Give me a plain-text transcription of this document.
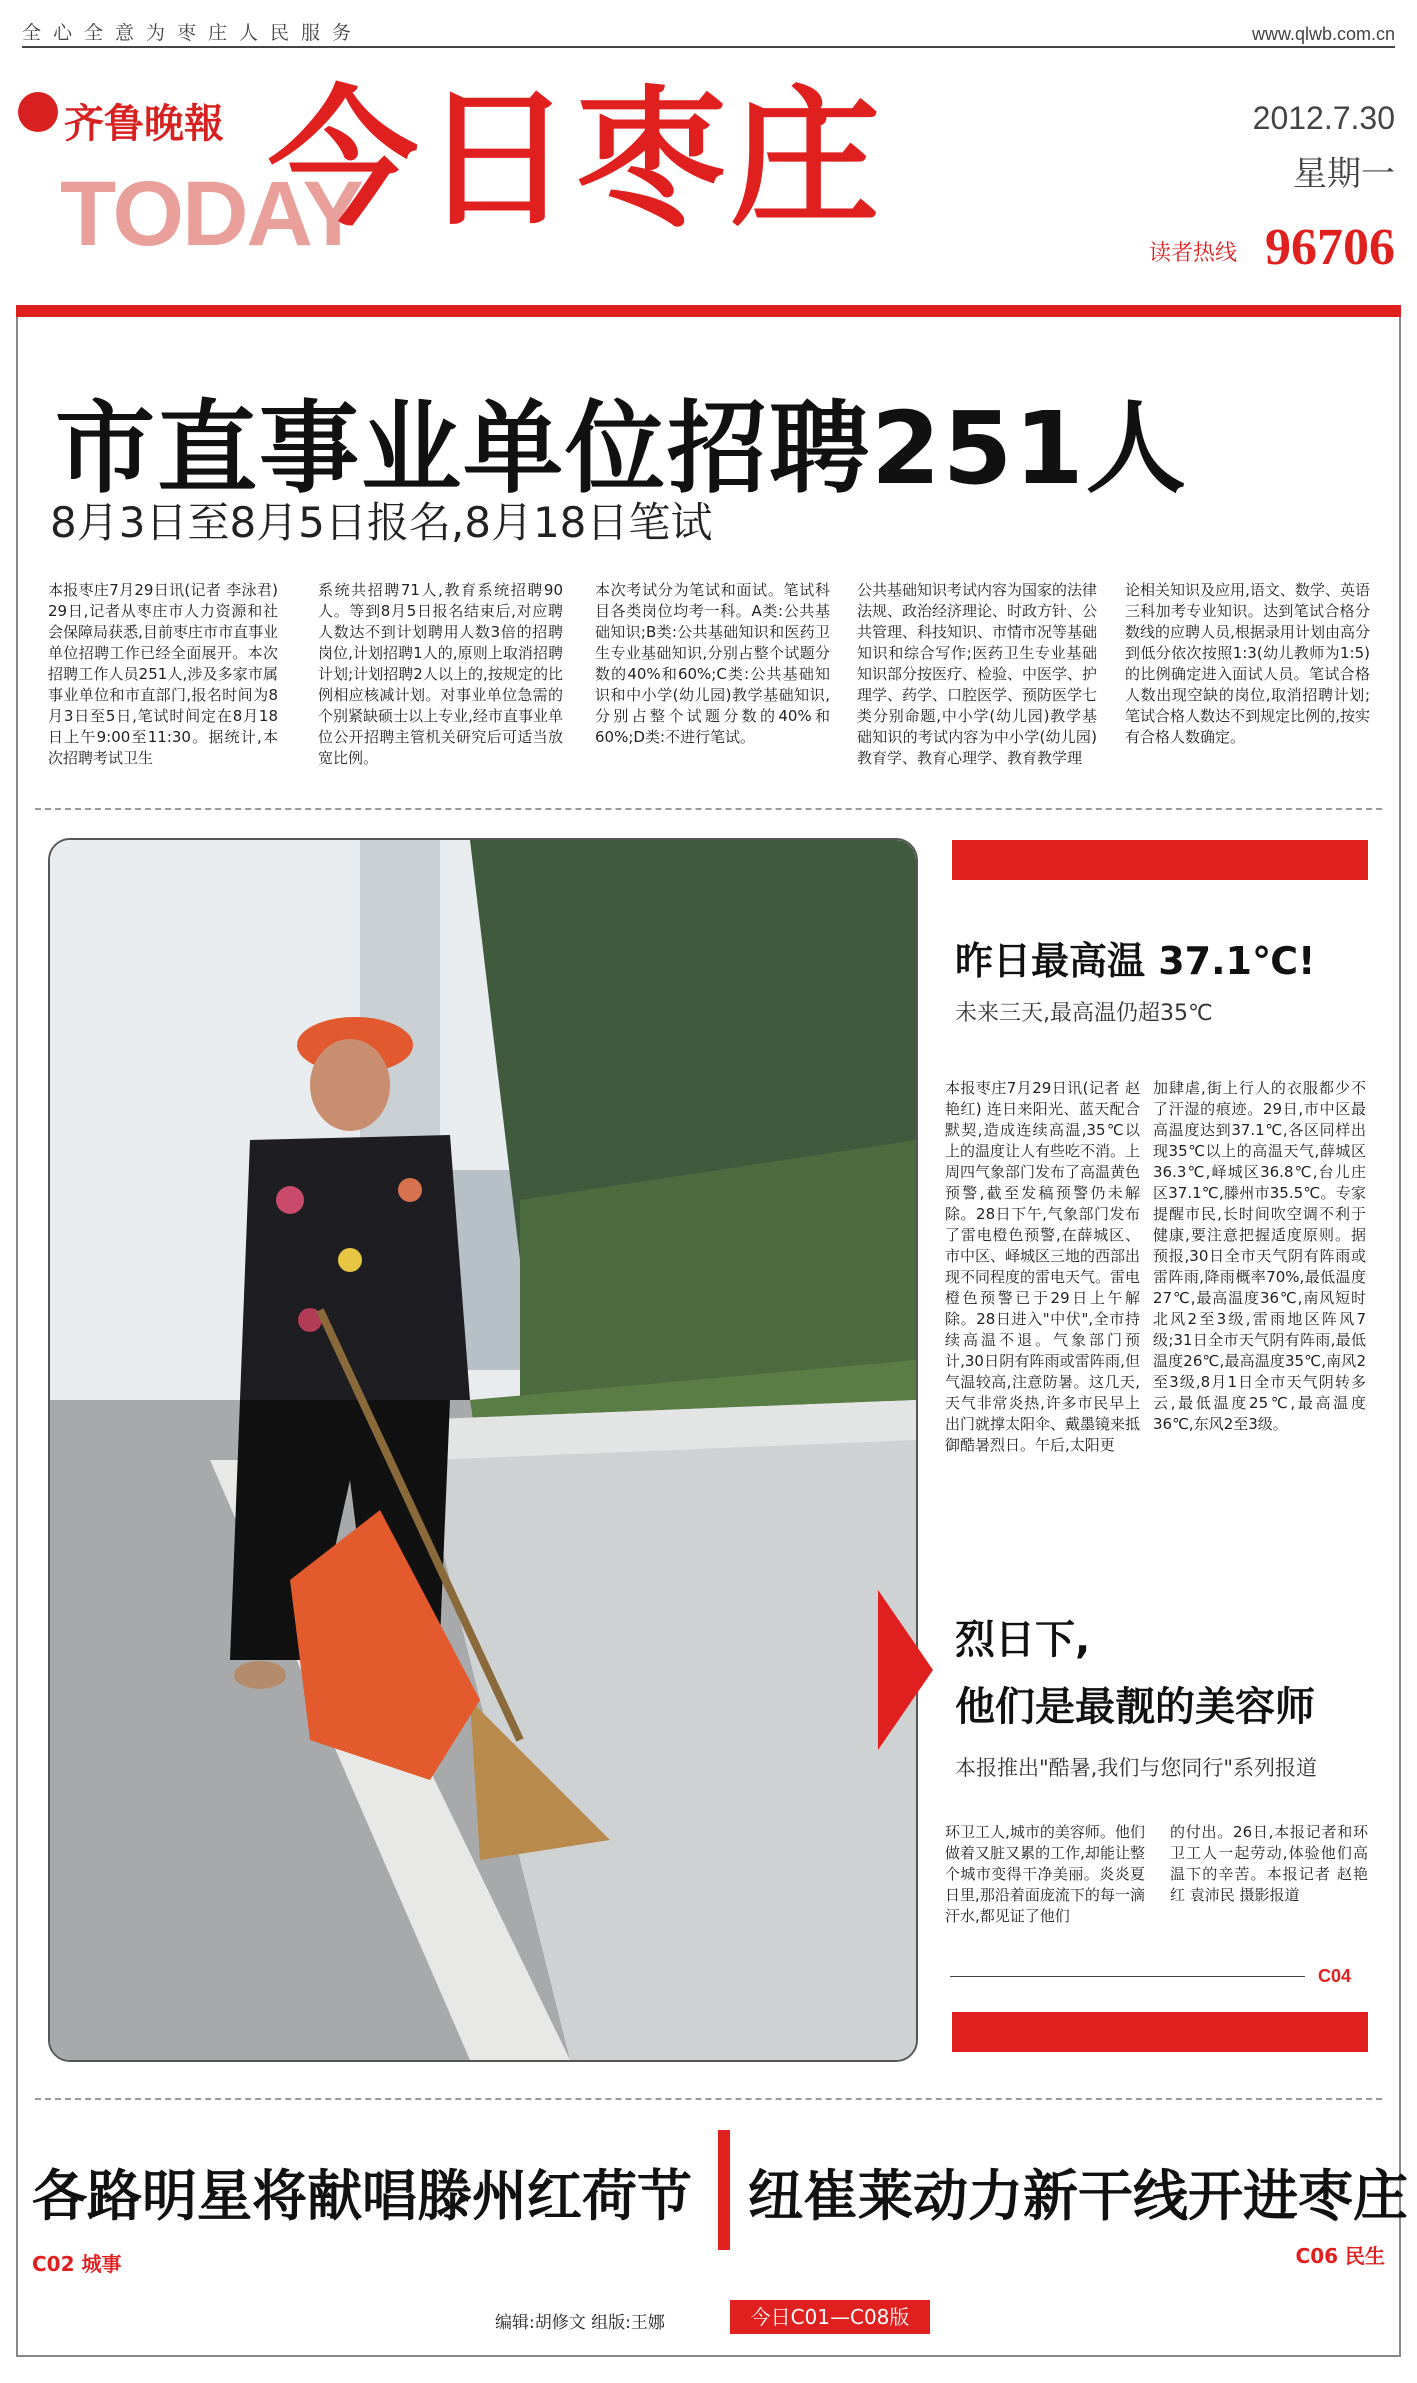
全心全意为枣庄人民服务	www.qlwb.com.cn
齐鲁晚報
TODAY
今日枣庄	2012.7.30
星期一
读者热线 96706
市直事业单位招聘251人
8月3日至8月5日报名,8月18日笔试
本报枣庄7月29日讯(记者 李泳君) 29日,记者从枣庄市人力资源和社会保障局获悉,目前枣庄市市直事业单位招聘工作已经全面展开。本次招聘工作人员251人,涉及多家市属事业单位和市直部门,报名时间为8月3日至5日,笔试时间定在8月18日上午9:00至11:30。据统计,本次招聘考试卫生
系统共招聘71人,教育系统招聘90人。等到8月5日报名结束后,对应聘人数达不到计划聘用人数3倍的招聘岗位,计划招聘1人的,原则上取消招聘计划;计划招聘2人以上的,按规定的比例相应核减计划。对事业单位急需的个别紧缺硕士以上专业,经市直事业单位公开招聘主管机关研究后可适当放宽比例。
本次考试分为笔试和面试。笔试科目各类岗位均考一科。A类:公共基础知识;B类:公共基础知识和医药卫生专业基础知识,分别占整个试题分数的40%和60%;C类:公共基础知识和中小学(幼儿园)教学基础知识,分别占整个试题分数的40%和60%;D类:不进行笔试。
公共基础知识考试内容为国家的法律法规、政治经济理论、时政方针、公共管理、科技知识、市情市况等基础知识和综合写作;医药卫生专业基础知识部分按医疗、检验、中医学、护理学、药学、口腔医学、预防医学七类分别命题,中小学(幼儿园)教学基础知识的考试内容为中小学(幼儿园)教育学、教育心理学、教育教学理
论相关知识及应用,语文、数学、英语三科加考专业知识。达到笔试合格分数线的应聘人员,根据录用计划由高分到低分依次按照1:3(幼儿教师为1:5)的比例确定进入面试人员。笔试合格人数出现空缺的岗位,取消招聘计划;笔试合格人数达不到规定比例的,按实有合格人数确定。
昨日最高温 37.1℃!
未来三天,最高温仍超35℃
本报枣庄7月29日讯(记者 赵艳红) 连日来阳光、蓝天配合默契,造成连续高温,35℃以上的温度让人有些吃不消。上周四气象部门发布了高温黄色预警,截至发稿预警仍未解除。28日下午,气象部门发布了雷电橙色预警,在薛城区、市中区、峄城区三地的西部出现不同程度的雷电天气。雷电橙色预警已于29日上午解除。28日进入"中伏",全市持续高温不退。气象部门预计,30日阴有阵雨或雷阵雨,但气温较高,注意防暑。这几天,天气非常炎热,许多市民早上出门就撑太阳伞、戴墨镜来抵御酷暑烈日。午后,太阳更
加肆虐,街上行人的衣服都少不了汗湿的痕迹。29日,市中区最高温度达到37.1℃,各区同样出现35℃以上的高温天气,薛城区36.3℃,峄城区36.8℃,台儿庄区37.1℃,滕州市35.5℃。专家提醒市民,长时间吹空调不利于健康,要注意把握适度原则。据预报,30日全市天气阴有阵雨或雷阵雨,降雨概率70%,最低温度27℃,最高温度36℃,南风短时北风2至3级,雷雨地区阵风7级;31日全市天气阴有阵雨,最低温度26℃,最高温度35℃,南风2至3级,8月1日全市天气阴转多云,最低温度25℃,最高温度36℃,东风2至3级。
烈日下,
他们是最靓的美容师
本报推出"酷暑,我们与您同行"系列报道
环卫工人,城市的美容师。他们做着又脏又累的工作,却能让整个城市变得干净美丽。炎炎夏日里,那沿着面庞流下的每一滴汗水,都见证了他们
的付出。26日,本报记者和环卫工人一起劳动,体验他们高温下的辛苦。本报记者 赵艳红 袁沛民 摄影报道
C04
各路明星将献唱滕州红荷节 纽崔莱动力新干线开进枣庄
C02 城事	C06 民生
编辑:胡修文 组版:王娜	今日C01—C08版
